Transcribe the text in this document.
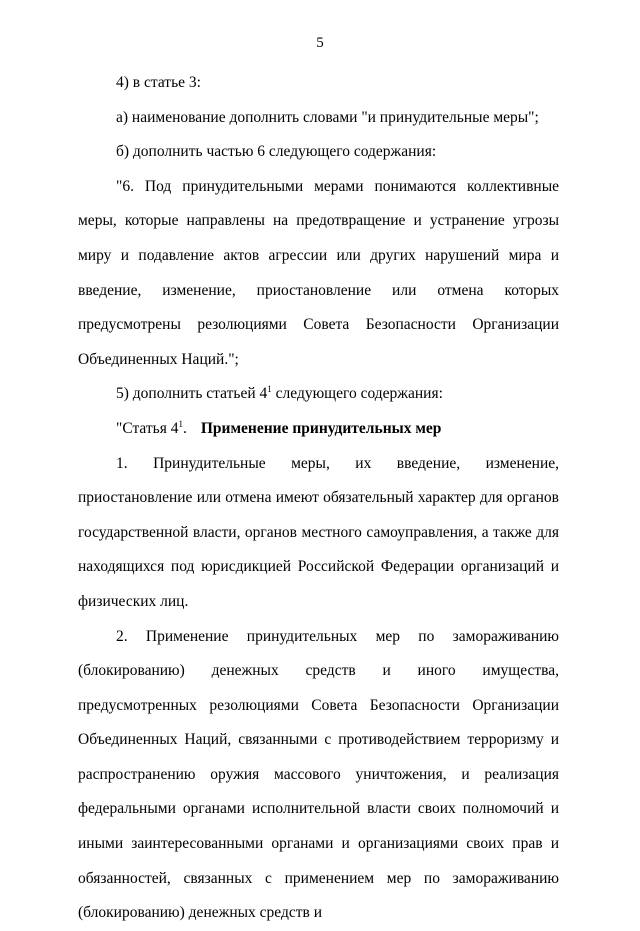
5

4) в статье 3:

а) наименование дополнить словами "и принудительные меры";

б) дополнить частью 6 следующего содержания:

"6. Под принудительными мерами понимаются коллективные меры, которые направлены на предотвращение и устранение угрозы миру и подавление актов агрессии или других нарушений мира и введение, изменение, приостановление или отмена которых предусмотрены резолюциями Совета Безопасности Организации Объединенных Наций.";

5) дополнить статьей $4^1$ следующего содержания:

"Статья $4^1$. Применение принудительных мер

1. Принудительные меры, их введение, изменение, приостановление или отмена имеют обязательный характер для органов государственной власти, органов местного самоуправления, а также для находящихся под юрисдикцией Российской Федерации организаций и физических лиц.

2. Применение принудительных мер по замораживанию (блокированию) денежных средств и иного имущества, предусмотренных резолюциями Совета Безопасности Организации Объединенных Наций, связанными с противодействием терроризму и распространению оружия массового уничтожения, и реализация федеральными органами исполнительной власти своих полномочий и иными заинтересованными органами и организациями своих прав и обязанностей, связанных с применением мер по замораживанию (блокированию) денежных средств и
